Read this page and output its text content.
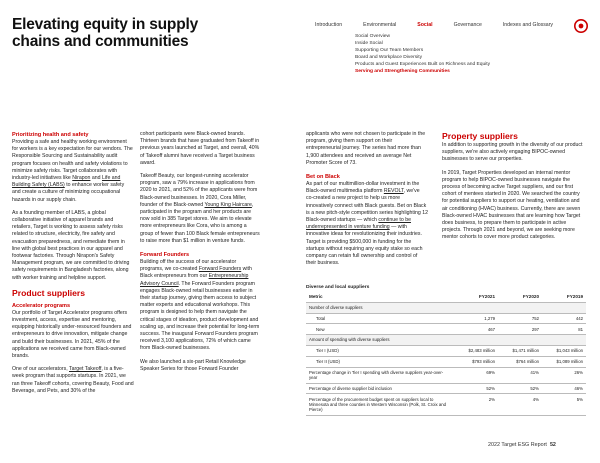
Elevating equity in supply chains and communities
Introduction	Environmental	Social	Governance	Indexes and Glossary
Social Overview
Inside Social
Supporting Our Team Members
Board and Workplace Diversity
Products and Guest Experiences Built on Richness and Equity
Serving and Strengthening Communities
Prioritizing health and safety

Providing a safe and healthy working environment for workers is a key expectation for our vendors. The Responsible Sourcing and Sustainability audit program focuses on health and safety violations to minimize safety risks. Target collaborates with industry-led initiatives like Nirapon and Life and Building Safety (LABS) to enhance worker safety and create a culture of minimizing occupational hazards in our supply chain.

As a founding member of LABS, a global collaborative initiative of apparel brands and retailers, Target is working to assess safety risks related to structure, electricity, fire safety and evacuation preparedness, and remediate them in line with global best practices in our apparel and footwear factories. Through Nirapon's Safety Management program, we are committed to driving safety requirements in Bangladesh factories, along with worker training and helpline support.

Product suppliers
Accelerator programs

Our portfolio of Target Accelerator programs offers investment, access, expertise and mentoring, equipping historically under-resourced founders and entrepreneurs to drive innovation, mitigate change and build their businesses. In 2021, 45% of the applications we received came from Black-owned brands.

One of our accelerators, Target Takeoff, is a five-week program that supports startups. In 2021, we ran three Takeoff cohorts, covering Beauty, Food and Beverage, and Pets, and 30% of the

cohort participants were Black-owned brands. Thirteen brands that have graduated from Takeoff in previous years launched at Target, and overall, 40% of Takeoff alumni have received a Target business award.

Takeoff Beauty, our longest-running accelerator program, saw a 79% increase in applications from 2020 to 2021, and 52% of the applicants were from Black-owned businesses. In 2020, Cora Miller, founder of the Black-owned Young King Haircare, participated in the program and her products are now sold in 385 Target stores. We aim to elevate more entrepreneurs like Cora, who is among a group of fewer than 100 Black female entrepreneurs to raise more than $1 million in venture funds.

Forward Founders

Building off the success of our accelerator programs, we co-created Forward Founders with Black entrepreneurs from our Entrepreneurship Advisory Council. The Forward Founders program engages Black-owned retail businesses earlier in their startup journey, giving them access to subject matter experts and educational workshops. This program is designed to help them navigate the critical stages of ideation, product development and scaling up, and increase their potential for long-term success. The inaugural Forward Founders program received 3,100 applications, 72% of which came from Black-owned businesses.

We also launched a six-part Retail Knowledge Speaker Series for those Forward Founder

applicants who were not chosen to participate in the program, giving them support on their entrepreneurial journey. The series had more than 1,900 attendees and received an average Net Promoter Score of 73.

Bet on Black

As part of our multimillion-dollar investment in the Black-owned multimedia platform REVOLT, we've co-created a new project to help us more innovatively connect with Black guests. Bet on Black is a new pitch-style competition series highlighting 12 Black-owned startups — which continue to be underrepresented in venture funding — with innovative ideas for revolutionizing their industries. Target is providing $500,000 in funding for the startups without requiring any equity stake so each company can retain full ownership and control of their business.

Property suppliers

In addition to supporting growth in the diversity of our product suppliers, we're also actively engaging BIPOC-owned businesses to serve our properties.

In 2019, Target Properties developed an internal mentor program to help BIPOC-owned businesses navigate the process of becoming active Target suppliers, and our first cohort of mentees started in 2020. We searched the country for potential suppliers to support our heating, ventilation and air conditioning (HVAC) business. Currently, there are seven Black-owned HVAC businesses that are learning how Target does business, to prepare them to participate in active projects. Through 2021 and beyond, we are seeking more mentor cohorts to cover more product categories.

Diverse and local suppliers
Metric	FY2021	FY2020	FY2019
Number of diverse suppliers			
Total	1,279	752	442
New	467	297	81
Amount of spending with diverse suppliers			
Tier I (USD)	$2,483 million	$1,471 million	$1,043 million
Tier II (USD)	$793 million	$764 million	$1,089 million
Percentage change in Tier I spending with diverse suppliers year-over-year	69%	41%	26%
Percentage of diverse supplier bid inclusion	52%	52%	46%
Percentage of the procurement budget spent on suppliers local to Minnesota and three counties in Western Wisconsin (Polk, St. Croix and Pierce)	2%	4%	5%
2022 Target ESG Report 52
